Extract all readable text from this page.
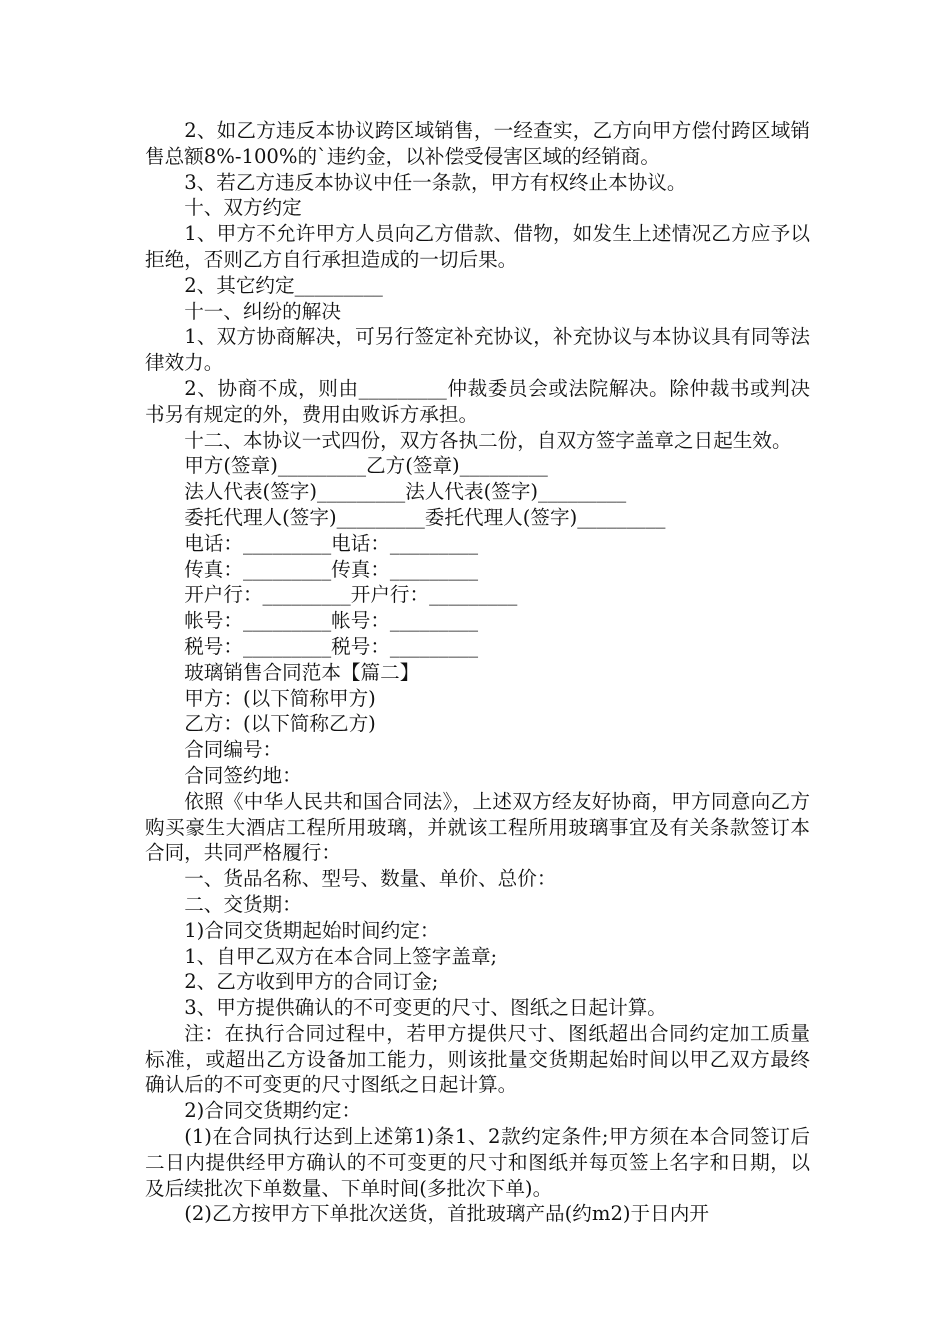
2、如乙方违反本协议跨区域销售，一经查实，乙方向甲方偿付跨区域销售总额8%-100%的`违约金，以补偿受侵害区域的经销商。

3、若乙方违反本协议中任一条款，甲方有权终止本协议。

十、双方约定

1、甲方不允许甲方人员向乙方借款、借物，如发生上述情况乙方应予以拒绝，否则乙方自行承担造成的一切后果。

2、其它约定_________

十一、纠纷的解决

1、双方协商解决，可另行签定补充协议，补充协议与本协议具有同等法律效力。

2、协商不成，则由_________仲裁委员会或法院解决。除仲裁书或判决书另有规定的外，费用由败诉方承担。

十二、本协议一式四份，双方各执二份，自双方签字盖章之日起生效。

甲方(签章)_________乙方(签章)_________

法人代表(签字)_________法人代表(签字)_________

委托代理人(签字)_________委托代理人(签字)_________

电话：_________电话：_________

传真：_________传真：_________

开户行：_________开户行：_________

帐号：_________帐号：_________

税号：_________税号：_________

玻璃销售合同范本【篇二】

甲方：(以下简称甲方)

乙方：(以下简称乙方)

合同编号：

合同签约地：

依照《中华人民共和国合同法》，上述双方经友好协商，甲方同意向乙方购买豪生大酒店工程所用玻璃，并就该工程所用玻璃事宜及有关条款签订本合同，共同严格履行：

一、货品名称、型号、数量、单价、总价：

二、交货期：

1)合同交货期起始时间约定：

1、自甲乙双方在本合同上签字盖章;

2、乙方收到甲方的合同订金;

3、甲方提供确认的不可变更的尺寸、图纸之日起计算。

注：在执行合同过程中，若甲方提供尺寸、图纸超出合同约定加工质量标准，或超出乙方设备加工能力，则该批量交货期起始时间以甲乙双方最终确认后的不可变更的尺寸图纸之日起计算。

2)合同交货期约定：

(1)在合同执行达到上述第1)条1、2款约定条件;甲方须在本合同签订后二日内提供经甲方确认的不可变更的尺寸和图纸并每页签上名字和日期，以及后续批次下单数量、下单时间(多批次下单)。

(2)乙方按甲方下单批次送货，首批玻璃产品(约m2)于日内开
